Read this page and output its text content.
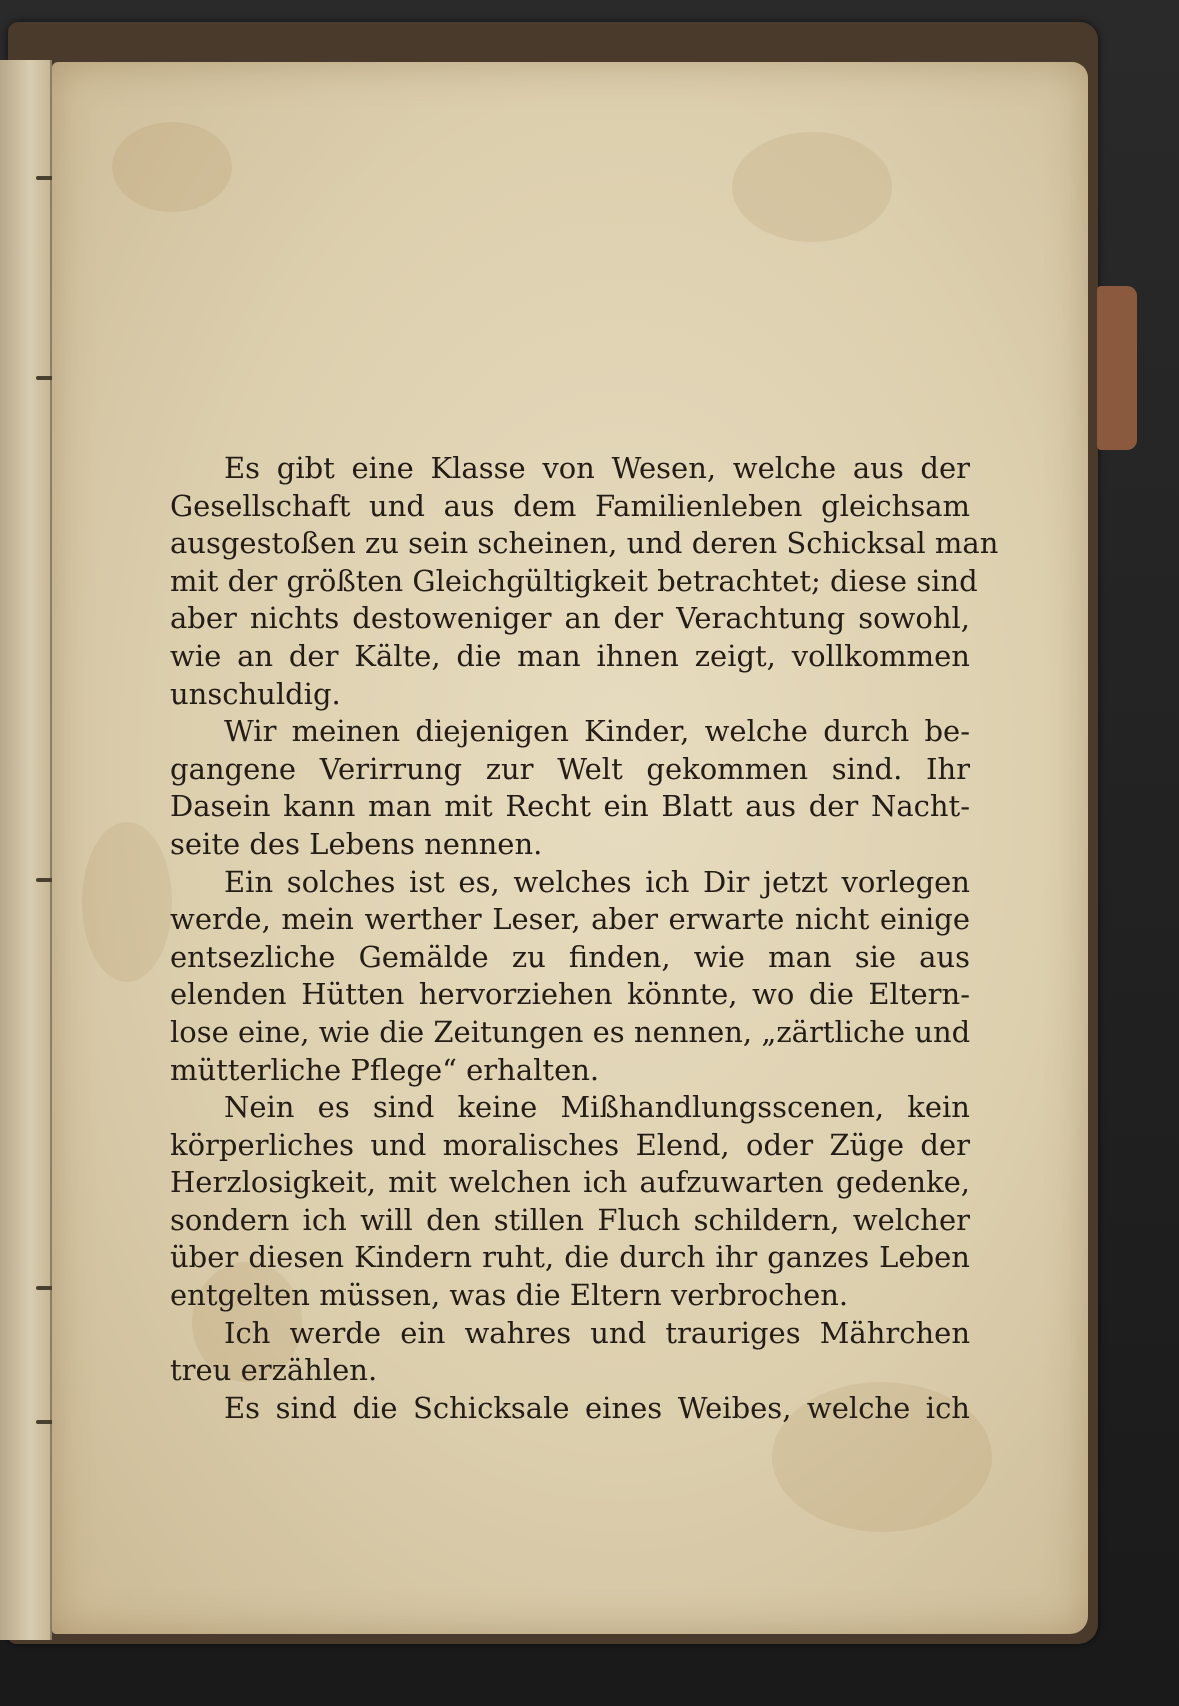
Es gibt eine Klasse von Wesen, welche aus der
Gesellschaft und aus dem Familienleben gleichsam
ausgestoßen zu sein scheinen, und deren Schicksal man
mit der größten Gleichgültigkeit betrachtet; diese sind
aber nichts destoweniger an der Verachtung sowohl,
wie an der Kälte, die man ihnen zeigt, vollkommen
unschuldig.
Wir meinen diejenigen Kinder, welche durch be-
gangene Verirrung zur Welt gekommen sind. Ihr
Dasein kann man mit Recht ein Blatt aus der Nacht-
seite des Lebens nennen.
Ein solches ist es, welches ich Dir jetzt vorlegen
werde, mein werther Leser, aber erwarte nicht einige
entsezliche Gemälde zu finden, wie man sie aus
elenden Hütten hervorziehen könnte, wo die Eltern-
lose eine, wie die Zeitungen es nennen, „zärtliche und
mütterliche Pflege“ erhalten.
Nein es sind keine Mißhandlungsscenen, kein
körperliches und moralisches Elend, oder Züge der
Herzlosigkeit, mit welchen ich aufzuwarten gedenke,
sondern ich will den stillen Fluch schildern, welcher
über diesen Kindern ruht, die durch ihr ganzes Leben
entgelten müssen, was die Eltern verbrochen.
Ich werde ein wahres und trauriges Mährchen
treu erzählen.
Es sind die Schicksale eines Weibes, welche ich
